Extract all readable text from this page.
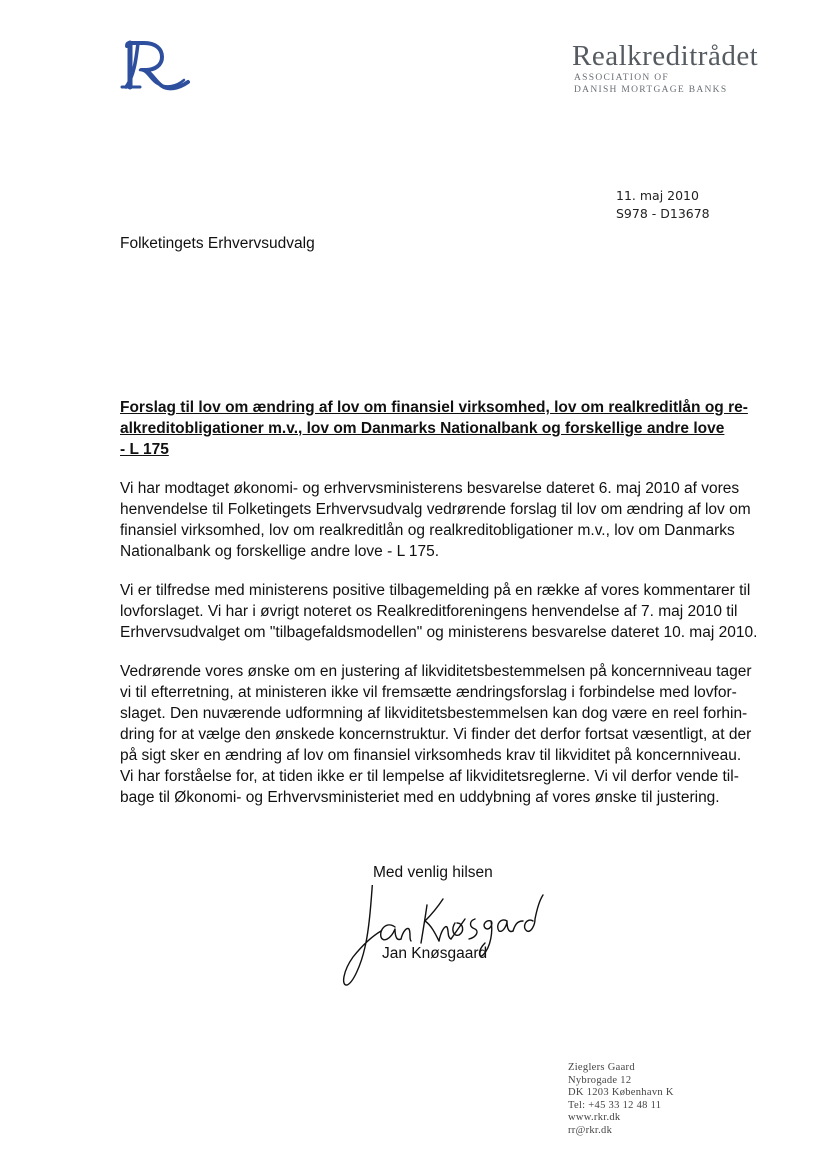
Realkreditrådet
ASSOCIATION OF
DANISH MORTGAGE BANKS
11. maj 2010
S978 - D13678
Folketingets Erhvervsudvalg
Forslag til lov om ændring af lov om finansiel virksomhed, lov om realkreditlån og re-
alkreditobligationer m.v., lov om Danmarks Nationalbank og forskellige andre love
- L 175
Vi har modtaget økonomi- og erhvervsministerens besvarelse dateret 6. maj 2010 af vores
henvendelse til Folketingets Erhvervsudvalg vedrørende forslag til lov om ændring af lov om
finansiel virksomhed, lov om realkreditlån og realkreditobligationer m.v., lov om Danmarks
Nationalbank og forskellige andre love - L 175.
Vi er tilfredse med ministerens positive tilbagemelding på en række af vores kommentarer til
lovforslaget. Vi har i øvrigt noteret os Realkreditforeningens henvendelse af 7. maj 2010 til
Erhvervsudvalget om "tilbagefaldsmodellen" og ministerens besvarelse dateret 10. maj 2010.
Vedrørende vores ønske om en justering af likviditetsbestemmelsen på koncernniveau tager
vi til efterretning, at ministeren ikke vil fremsætte ændringsforslag i forbindelse med lovfor-
slaget. Den nuværende udformning af likviditetsbestemmelsen kan dog være en reel forhin-
dring for at vælge den ønskede koncernstruktur. Vi finder det derfor fortsat væsentligt, at der
på sigt sker en ændring af lov om finansiel virksomheds krav til likviditet på koncernniveau.
Vi har forståelse for, at tiden ikke er til lempelse af likviditetsreglerne. Vi vil derfor vende til-
bage til Økonomi- og Erhvervsministeriet med en uddybning af vores ønske til justering.
Med venlig hilsen
Jan Knøsgaard
Zieglers Gaard
Nybrogade 12
DK 1203 København K
Tel: +45 33 12 48 11
www.rkr.dk
rr@rkr.dk
